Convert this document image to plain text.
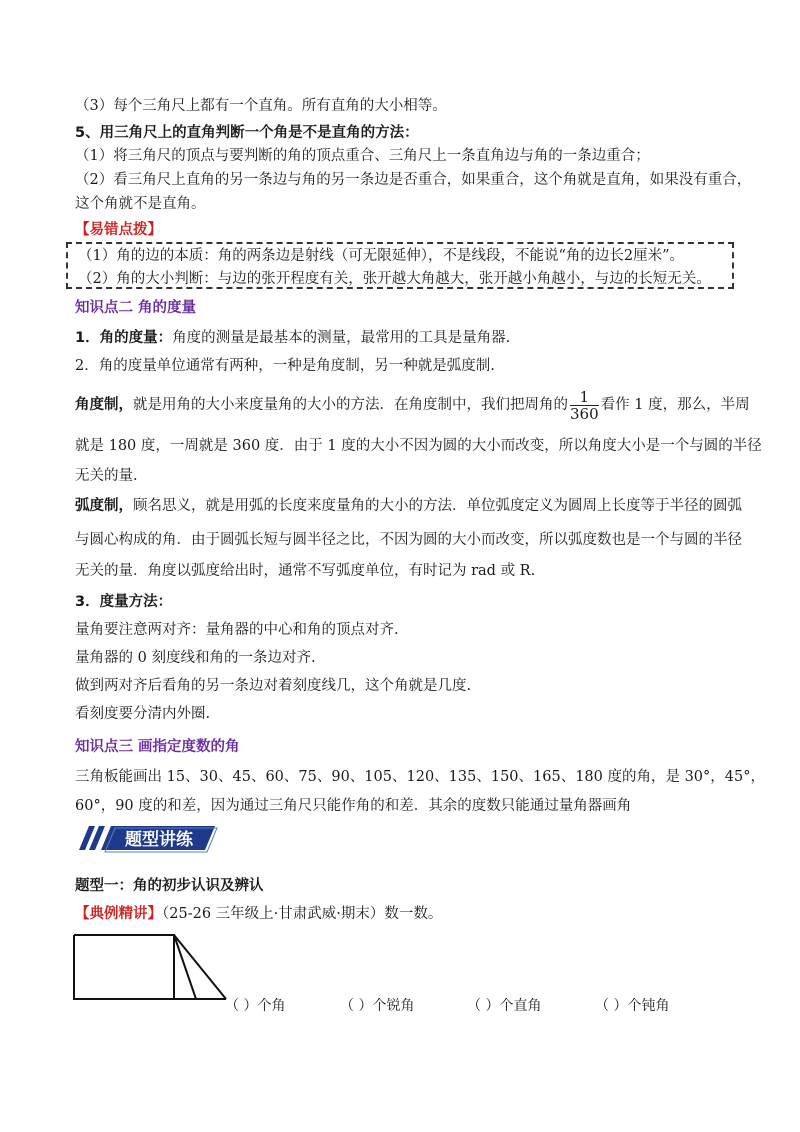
（3）每个三角尺上都有一个直角。所有直角的大小相等。
5、用三角尺上的直角判断一个角是不是直角的方法：
（1）将三角尺的顶点与要判断的角的顶点重合、三角尺上一条直角边与角的一条边重合；
（2）看三角尺上直角的另一条边与角的另一条边是否重合，如果重合，这个角就是直角，如果没有重合，
这个角就不是直角。
【易错点拨】
（1）角的边的本质：角的两条边是射线（可无限延伸），不是线段，不能说“角的边长2厘米”。
（2）角的大小判断：与边的张开程度有关，张开越大角越大，张开越小角越小，与边的长短无关。
知识点二 角的度量
1．角的度量：角度的测量是最基本的测量，最常用的工具是量角器.
2．角的度量单位通常有两种，一种是角度制，另一种就是弧度制.
角度制，就是用角的大小来度量角的大小的方法．在角度制中，我们把周角的 $\frac{1}{360}$ 看作 1 度，那么，半周
就是 180 度，一周就是 360 度．由于 1 度的大小不因为圆的大小而改变，所以角度大小是一个与圆的半径
无关的量.
弧度制，顾名思义，就是用弧的长度来度量角的大小的方法．单位弧度定义为圆周上长度等于半径的圆弧
与圆心构成的角．由于圆弧长短与圆半径之比，不因为圆的大小而改变，所以弧度数也是一个与圆的半径
无关的量．角度以弧度给出时，通常不写弧度单位，有时记为 rad 或 R.
3．度量方法：
量角要注意两对齐：量角器的中心和角的顶点对齐.
量角器的 0 刻度线和角的一条边对齐.
做到两对齐后看角的另一条边对着刻度线几，这个角就是几度.
看刻度要分清内外圈.
知识点三 画指定度数的角
三角板能画出 15、30、45、60、75、90、105、120、135、150、165、180 度的角，是 30°，45°，
60°，90 度的和差，因为通过三角尺只能作角的和差．其余的度数只能通过量角器画角
题型讲练
题型一：角的初步认识及辨认
【典例精讲】（25-26 三年级上·甘肃武威·期末）数一数。
（ ）个角	（ ）个锐角	（ ）个直角	（ ）个钝角
